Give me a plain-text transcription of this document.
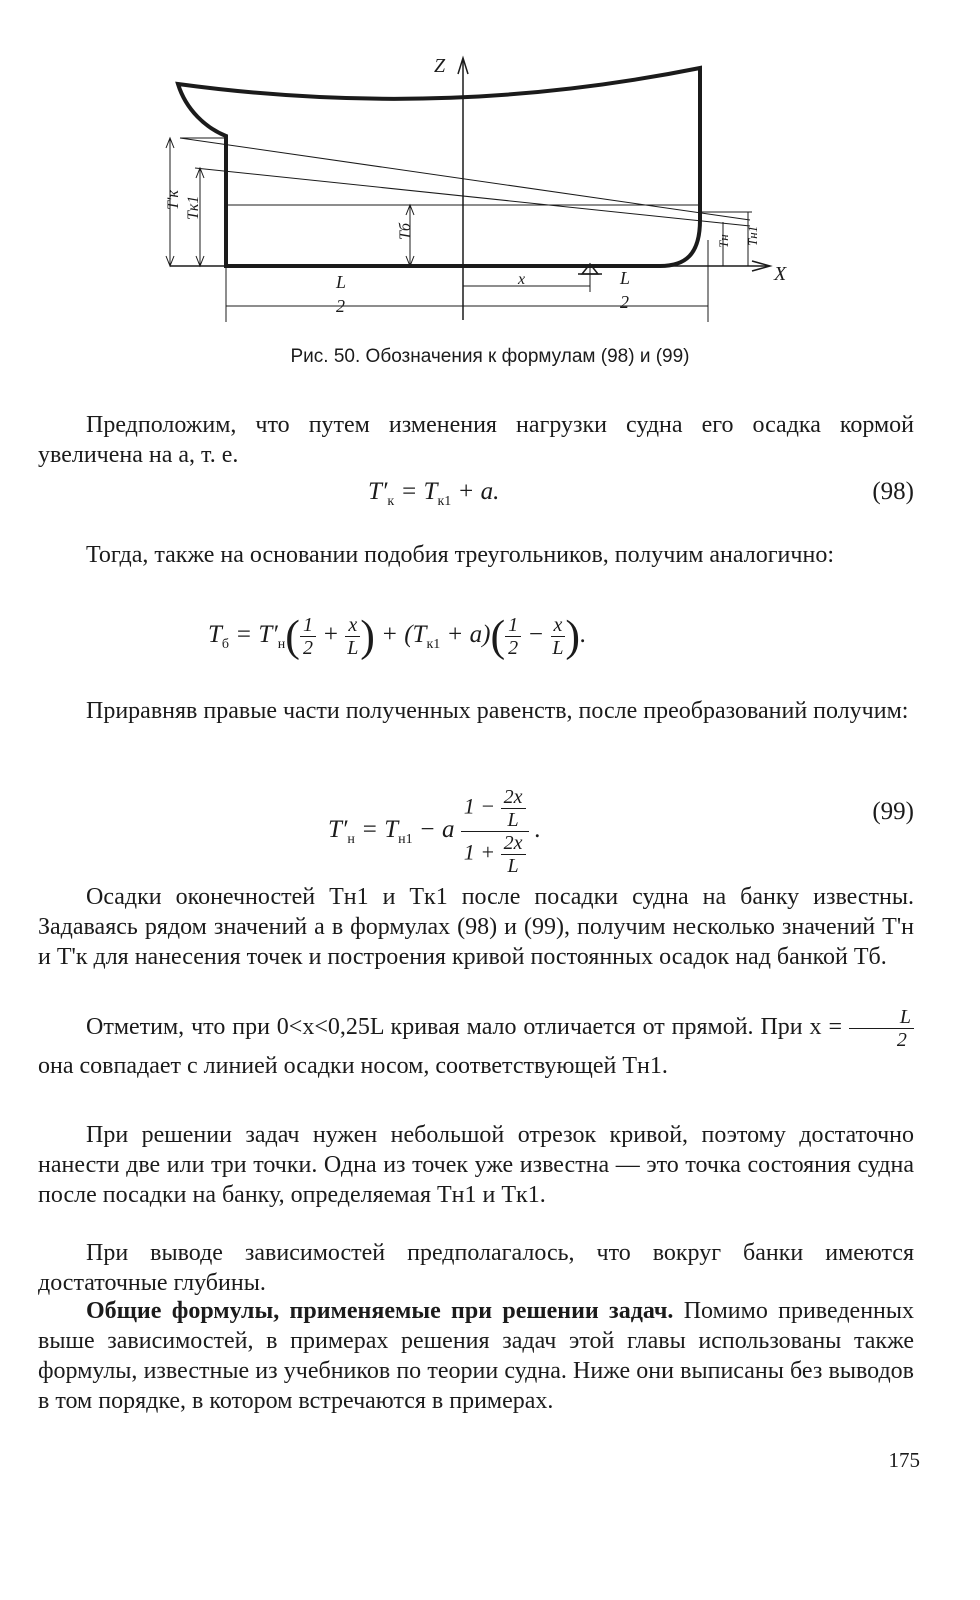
Z
X
T'к Tк1
Tб
Tн Tн1
L
2
x	L
2
Рис. 50. Обозначения к формулам (98) и (99)

Предположим, что путем изменения нагрузки судна его осадка кормой увеличена на a, т. е.

$T'_к = T_{к1} + a$.	(98)

Тогда, также на основании подобия треугольников, получим аналогично:

$T_б = T'_н( \frac{1}{2} + \frac{x}{L}$ ) + $(T_{к1} + a)( \frac{1}{2} - \frac{x}{L}$ ).

Приравняв правые части полученных равенств, после преобразований получим:

$T'_н = T_{н1} - a \frac{1 - \frac{2x}{L}}{1 + \frac{2x}{L}}$ .
(99)

Осадки оконечностей Tн1 и Tк1 после посадки судна на банку известны. Задаваясь рядом значений a в формулах (98) и (99), получим несколько значений T'н и T'к для нанесения точек и построения кривой постоянных осадок над банкой Tб.

Отметим, что при 0<x<0,25L кривая мало отличается от прямой. При $x = \frac{L}{2}$
она совпадает с линией осадки носом, соответствующей Tн1.

При решении задач нужен небольшой отрезок кривой, поэтому достаточно нанести две или три точки. Одна из точек уже известна — это точка состояния судна после посадки на банку, определяемая Tн1 и Tк1.

При выводе зависимостей предполагалось, что вокруг банки имеются достаточные глубины.

Общие формулы, применяемые при решении задач. Помимо приведенных выше зависимостей, в примерах решения задач этой главы использованы также формулы, известные из учебников по теории судна. Ниже они выписаны без выводов в том порядке, в котором встречаются в примерах.

175
